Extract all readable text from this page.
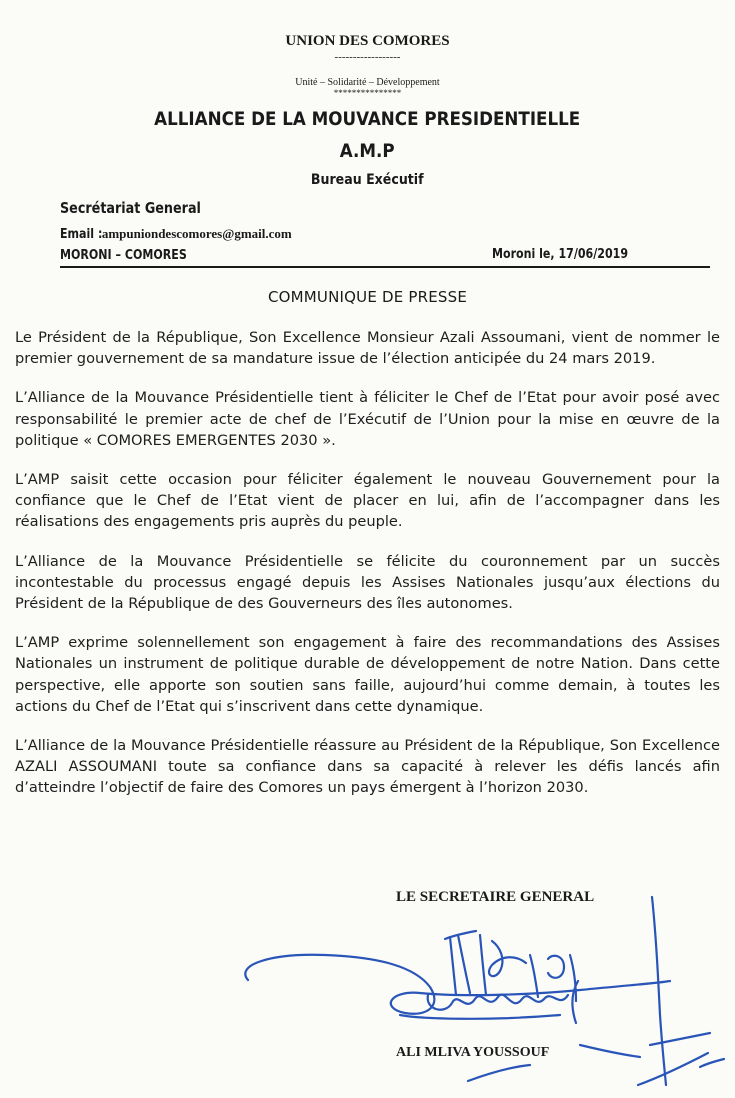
UNION DES COMORES
------------------
Unité – Solidarité – Développement
***************
ALLIANCE DE LA MOUVANCE PRESIDENTIELLE
A.M.P
Bureau Exécutif
Secrétariat General
Email :ampuniondescomores@gmail.com
MORONI – COMORES	Moroni le, 17/06/2019
COMMUNIQUE DE PRESSE

Le Président de la République, Son Excellence Monsieur Azali Assoumani, vient de nommer le premier gouvernement de sa mandature issue de l’élection anticipée du 24 mars 2019.

L’Alliance de la Mouvance Présidentielle tient à féliciter le Chef de l’Etat pour avoir posé avec responsabilité le premier acte de chef de l’Exécutif de l’Union pour la mise en œuvre de la politique « COMORES EMERGENTES 2030 ».

L’AMP saisit cette occasion pour féliciter également le nouveau Gouvernement pour la confiance que le Chef de l’Etat vient de placer en lui, afin de l’accompagner dans les réalisations des engagements pris auprès du peuple.

L’Alliance de la Mouvance Présidentielle se félicite du couronnement par un succès incontestable du processus engagé depuis les Assises Nationales jusqu’aux élections du Président de la République de des Gouverneurs des îles autonomes.

L’AMP exprime solennellement son engagement à faire des recommandations des Assises Nationales un instrument de politique durable de développement de notre Nation. Dans cette perspective, elle apporte son soutien sans faille, aujourd’hui comme demain, à toutes les actions du Chef de l’Etat qui s’inscrivent dans cette dynamique.

L’Alliance de la Mouvance Présidentielle réassure au Président de la République, Son Excellence AZALI ASSOUMANI toute sa confiance dans sa capacité à relever les défis lancés afin d’atteindre l’objectif de faire des Comores un pays émergent à l’horizon 2030.

LE SECRETAIRE GENERAL
ALI MLIVA YOUSSOUF
